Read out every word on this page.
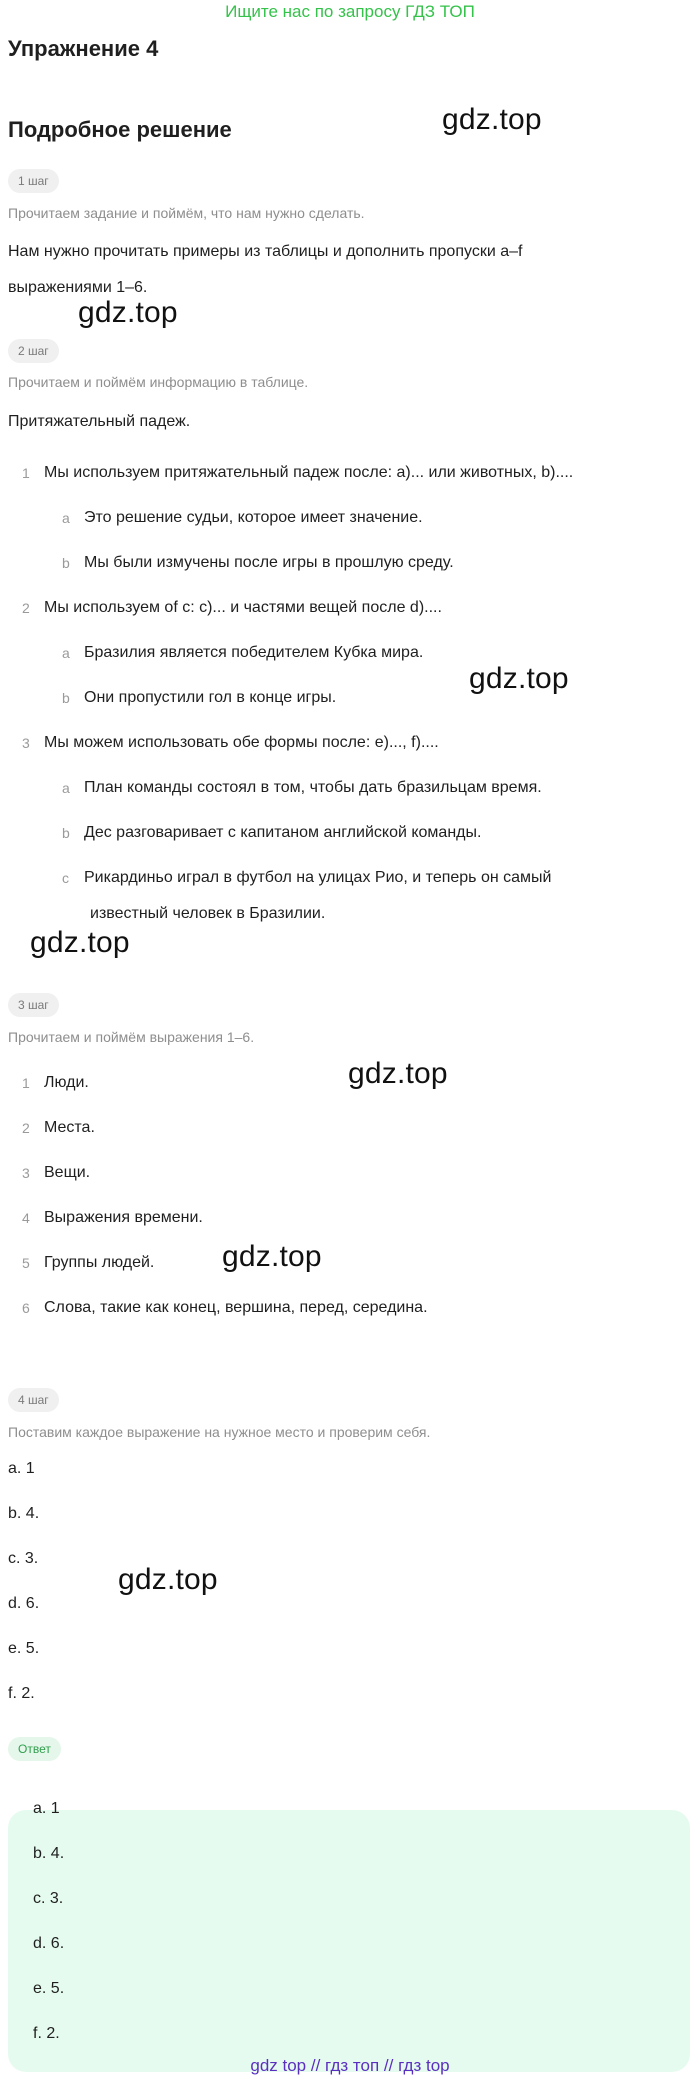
Ищите нас по запросу ГДЗ ТОП
Упражнение 4
Подробное решение	gdz.top
gdz.top
gdz.top
gdz.top
gdz.top
gdz.top
gdz.top
1 шаг
Прочитаем задание и поймём, что нам нужно сделать.
Нам нужно прочитать примеры из таблицы и дополнить пропуски a–f
выражениями 1–6.
2 шаг
Прочитаем и поймём информацию в таблице.
Притяжательный падеж.
1 Мы используем притяжательный падеж после: a)... или животных, b)....
a Это решение судьи, которое имеет значение.
b Мы были измучены после игры в прошлую среду.
2 Мы используем of с: c)... и частями вещей после d)....
a Бразилия является победителем Кубка мира.
b Они пропустили гол в конце игры.
3 Мы можем использовать обе формы после: e)..., f)....
a План команды состоял в том, чтобы дать бразильцам время.
b Дес разговаривает с капитаном английской команды.
c Рикардиньо играл в футбол на улицах Рио, и теперь он самый
известный человек в Бразилии.
3 шаг
Прочитаем и поймём выражения 1–6.
1 Люди.
2 Места.
3 Вещи.
4 Выражения времени.
5 Группы людей.
6 Слова, такие как конец, вершина, перед, середина.
4 шаг
Поставим каждое выражение на нужное место и проверим себя.
a. 1
b. 4.
c. 3.
d. 6.
e. 5.
f. 2.
Ответ
a. 1
b. 4.
c. 3.
d. 6.
e. 5.
f. 2.
gdz top // гдз топ // гдз top
